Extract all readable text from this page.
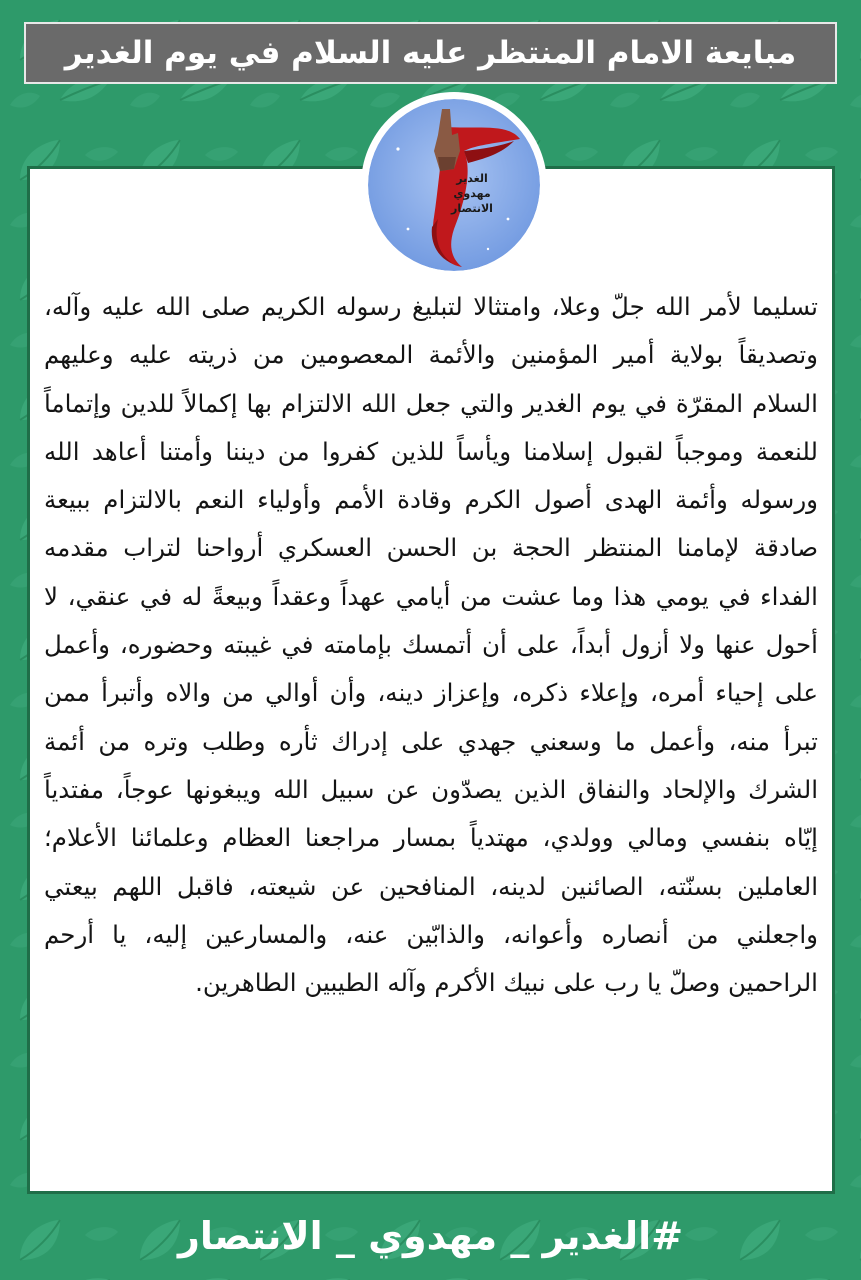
مبايعة الامام المنتظر عليه السلام في يوم الغدير
الغدير
مهدوي
الانتصار

تسليما لأمر الله جلّ وعلا، وامتثالا لتبليغ رسوله الكريم صلى الله عليه وآله، وتصديقاً بولاية أمير المؤمنين والأئمة المعصومين من ذريته عليه وعليهم السلام المقرّة في يوم الغدير والتي جعل الله الالتزام بها إكمالاً للدين وإتماماً للنعمة وموجباً لقبول إسلامنا ويأساً للذين كفروا من ديننا وأمتنا أعاهد الله ورسوله وأئمة الهدى أصول الكرم وقادة الأمم وأولياء النعم بالالتزام ببيعة صادقة لإمامنا المنتظر الحجة بن الحسن العسكري أرواحنا لتراب مقدمه الفداء في يومي هذا وما عشت من أيامي عهداً وعقداً وبيعةً له في عنقي، لا أحول عنها ولا أزول أبداً، على أن أتمسك بإمامته في غيبته وحضوره، وأعمل على إحياء أمره، وإعلاء ذكره، وإعزاز دينه، وأن أوالي من والاه وأتبرأ ممن تبرأ منه، وأعمل ما وسعني جهدي على إدراك ثأره وطلب وتره من أئمة الشرك والإلحاد والنفاق الذين يصدّون عن سبيل الله ويبغونها عوجاً، مفتدياً إيّاه بنفسي ومالي وولدي، مهتدياً بمسار مراجعنا العظام وعلمائنا الأعلام؛ العاملين بسنّته، الصائنين لدينه، المنافحين عن شيعته، فاقبل اللهم بيعتي واجعلني من أنصاره وأعوانه، والذابّين عنه، والمسارعين إليه، يا أرحم الراحمين وصلّ يا رب على نبيك الأكرم وآله الطيبين الطاهرين.

#الغدير _ مهدوي _ الانتصار
